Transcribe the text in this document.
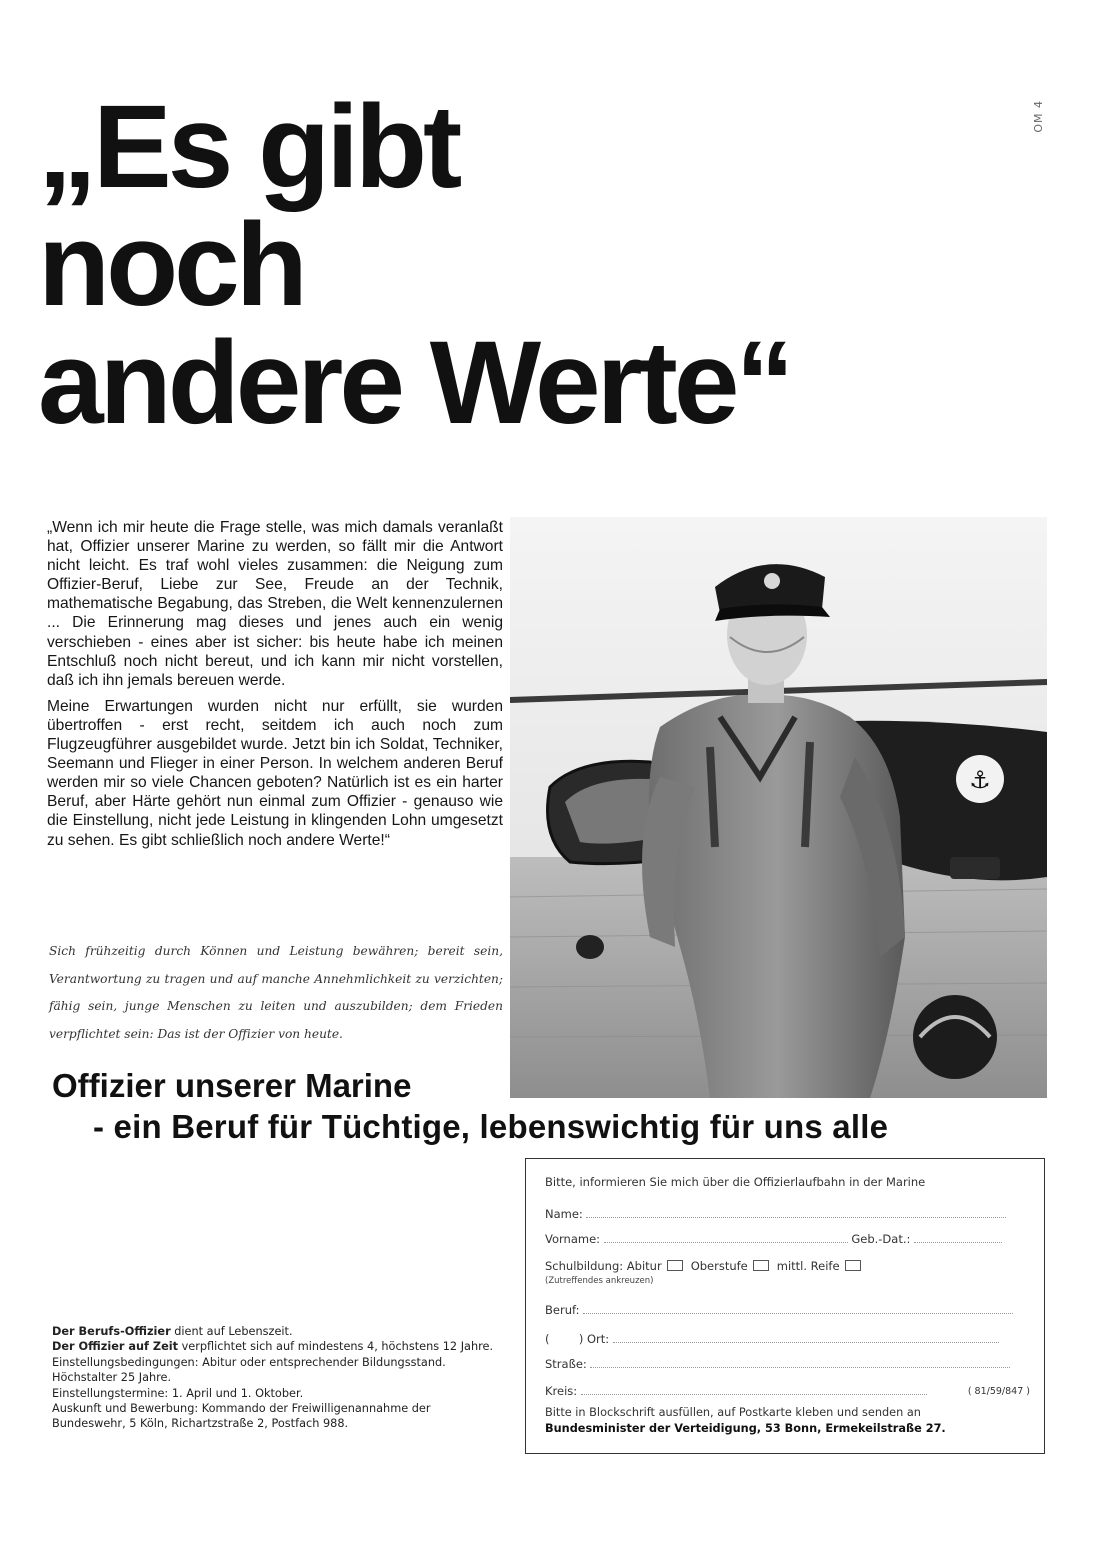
OM 4
„Es gibt
noch
andere Werte“

„Wenn ich mir heute die Frage stelle, was mich damals veranlaßt hat, Offizier unserer Marine zu werden, so fällt mir die Antwort nicht leicht. Es traf wohl vieles zusammen: die Neigung zum Offizier-Beruf, Liebe zur See, Freude an der Technik, mathematische Begabung, das Streben, die Welt kennenzulernen ... Die Erinnerung mag dieses und jenes auch ein wenig verschieben - eines aber ist sicher: bis heute habe ich meinen Entschluß noch nicht bereut, und ich kann mir nicht vorstellen, daß ich ihn jemals bereuen werde.

Meine Erwartungen wurden nicht nur erfüllt, sie wurden übertroffen - erst recht, seitdem ich auch noch zum Flugzeugführer ausgebildet wurde. Jetzt bin ich Soldat, Techniker, Seemann und Flieger in einer Person. In welchem anderen Beruf werden mir so viele Chancen geboten? Natürlich ist es ein harter Beruf, aber Härte gehört nun einmal zum Offizier - genauso wie die Einstellung, nicht jede Leistung in klingenden Lohn umgesetzt zu sehen. Es gibt schließlich noch andere Werte!“

Sich frühzeitig durch Können und Leistung bewähren; bereit sein, Verantwortung zu tragen und auf manche Annehmlichkeit zu verzichten; fähig sein, junge Menschen zu leiten und auszubilden; dem Frieden verpflichtet sein: Das ist der Offizier von heute.
⚓
Offizier unserer Marine
- ein Beruf für Tüchtige, lebenswichtig für uns alle
Bitte, informieren Sie mich über die Offizierlaufbahn in der Marine
Name:
Vorname:	Geb.-Dat.:
Schulbildung: Abitur	Oberstufe	mittl. Reife
(Zutreffendes ankreuzen)
Beruf:
(	) Ort:
Straße:
Kreis:	( 81/59/847 )
Bitte in Blockschrift ausfüllen, auf Postkarte kleben und senden an
Bundesminister der Verteidigung, 53 Bonn, Ermekeilstraße 27.
Der Berufs-Offizier dient auf Lebenszeit.
Der Offizier auf Zeit verpflichtet sich auf mindestens 4, höchstens 12 Jahre.
Einstellungsbedingungen: Abitur oder entsprechender Bildungsstand. Höchstalter 25 Jahre.
Einstellungstermine: 1. April und 1. Oktober.
Auskunft und Bewerbung: Kommando der Freiwilligenannahme der Bundeswehr, 5 Köln, Richartzstraße 2, Postfach 988.
